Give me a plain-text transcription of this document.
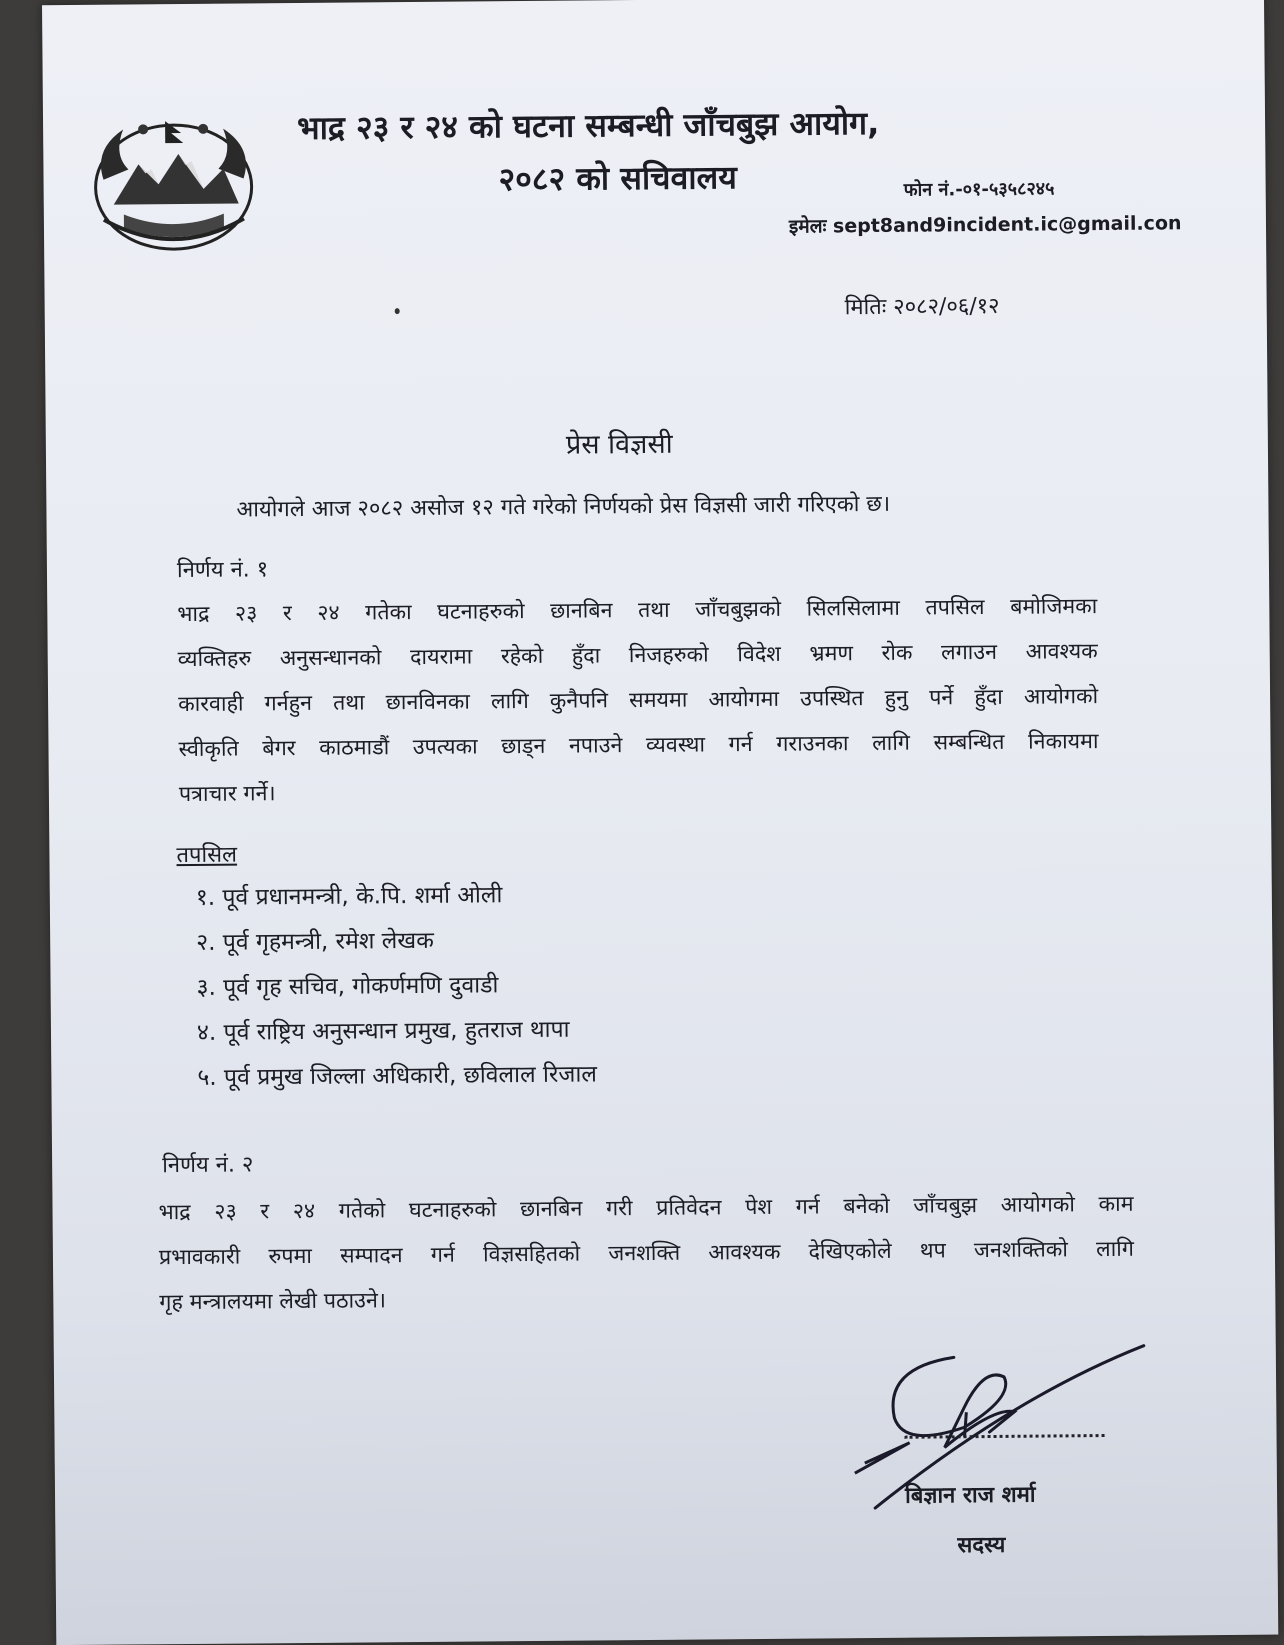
भाद्र २३ र २४ को घटना सम्बन्धी जाँचबुझ आयोग,
२०८२ को सचिवालय	फोन नं.-०१-५३५८२४५
इमेलः sept8and9incident.ic@gmail.con
मितिः २०८२/०६/१२
प्रेस विज्ञसी
आयोगले आज २०८२ असोज १२ गते गरेको निर्णयको प्रेस विज्ञसी जारी गरिएको छ।
निर्णय नं. १
भाद्र २३ र २४ गतेका घटनाहरुको छानबिन तथा जाँचबुझको सिलसिलामा तपसिल बमोजिमका
व्यक्तिहरु अनुसन्धानको दायरामा रहेको हुँदा निजहरुको विदेश भ्रमण रोक लगाउन आवश्यक
कारवाही गर्नहुन तथा छानविनका लागि कुनैपनि समयमा आयोगमा उपस्थित हुनु पर्ने हुँदा आयोगको
स्वीकृति बेगर काठमाडौं उपत्यका छाड्न नपाउने व्यवस्था गर्न गराउनका लागि सम्बन्धित निकायमा
पत्राचार गर्ने।
तपसिल
१. पूर्व प्रधानमन्त्री, के.पि. शर्मा ओली
२. पूर्व गृहमन्त्री, रमेश लेखक
३. पूर्व गृह सचिव, गोकर्णमणि दुवाडी
४. पूर्व राष्ट्रिय अनुसन्धान प्रमुख, हुतराज थापा
५. पूर्व प्रमुख जिल्ला अधिकारी, छविलाल रिजाल
निर्णय नं. २
भाद्र २३ र २४ गतेको घटनाहरुको छानबिन गरी प्रतिवेदन पेश गर्न बनेको जाँचबुझ आयोगको काम
प्रभावकारी रुपमा सम्पादन गर्न विज्ञसहितको जनशक्ति आवश्यक देखिएकोले थप जनशक्तिको लागि
गृह मन्त्रालयमा लेखी पठाउने।
बिज्ञान राज शर्मा
सदस्य
